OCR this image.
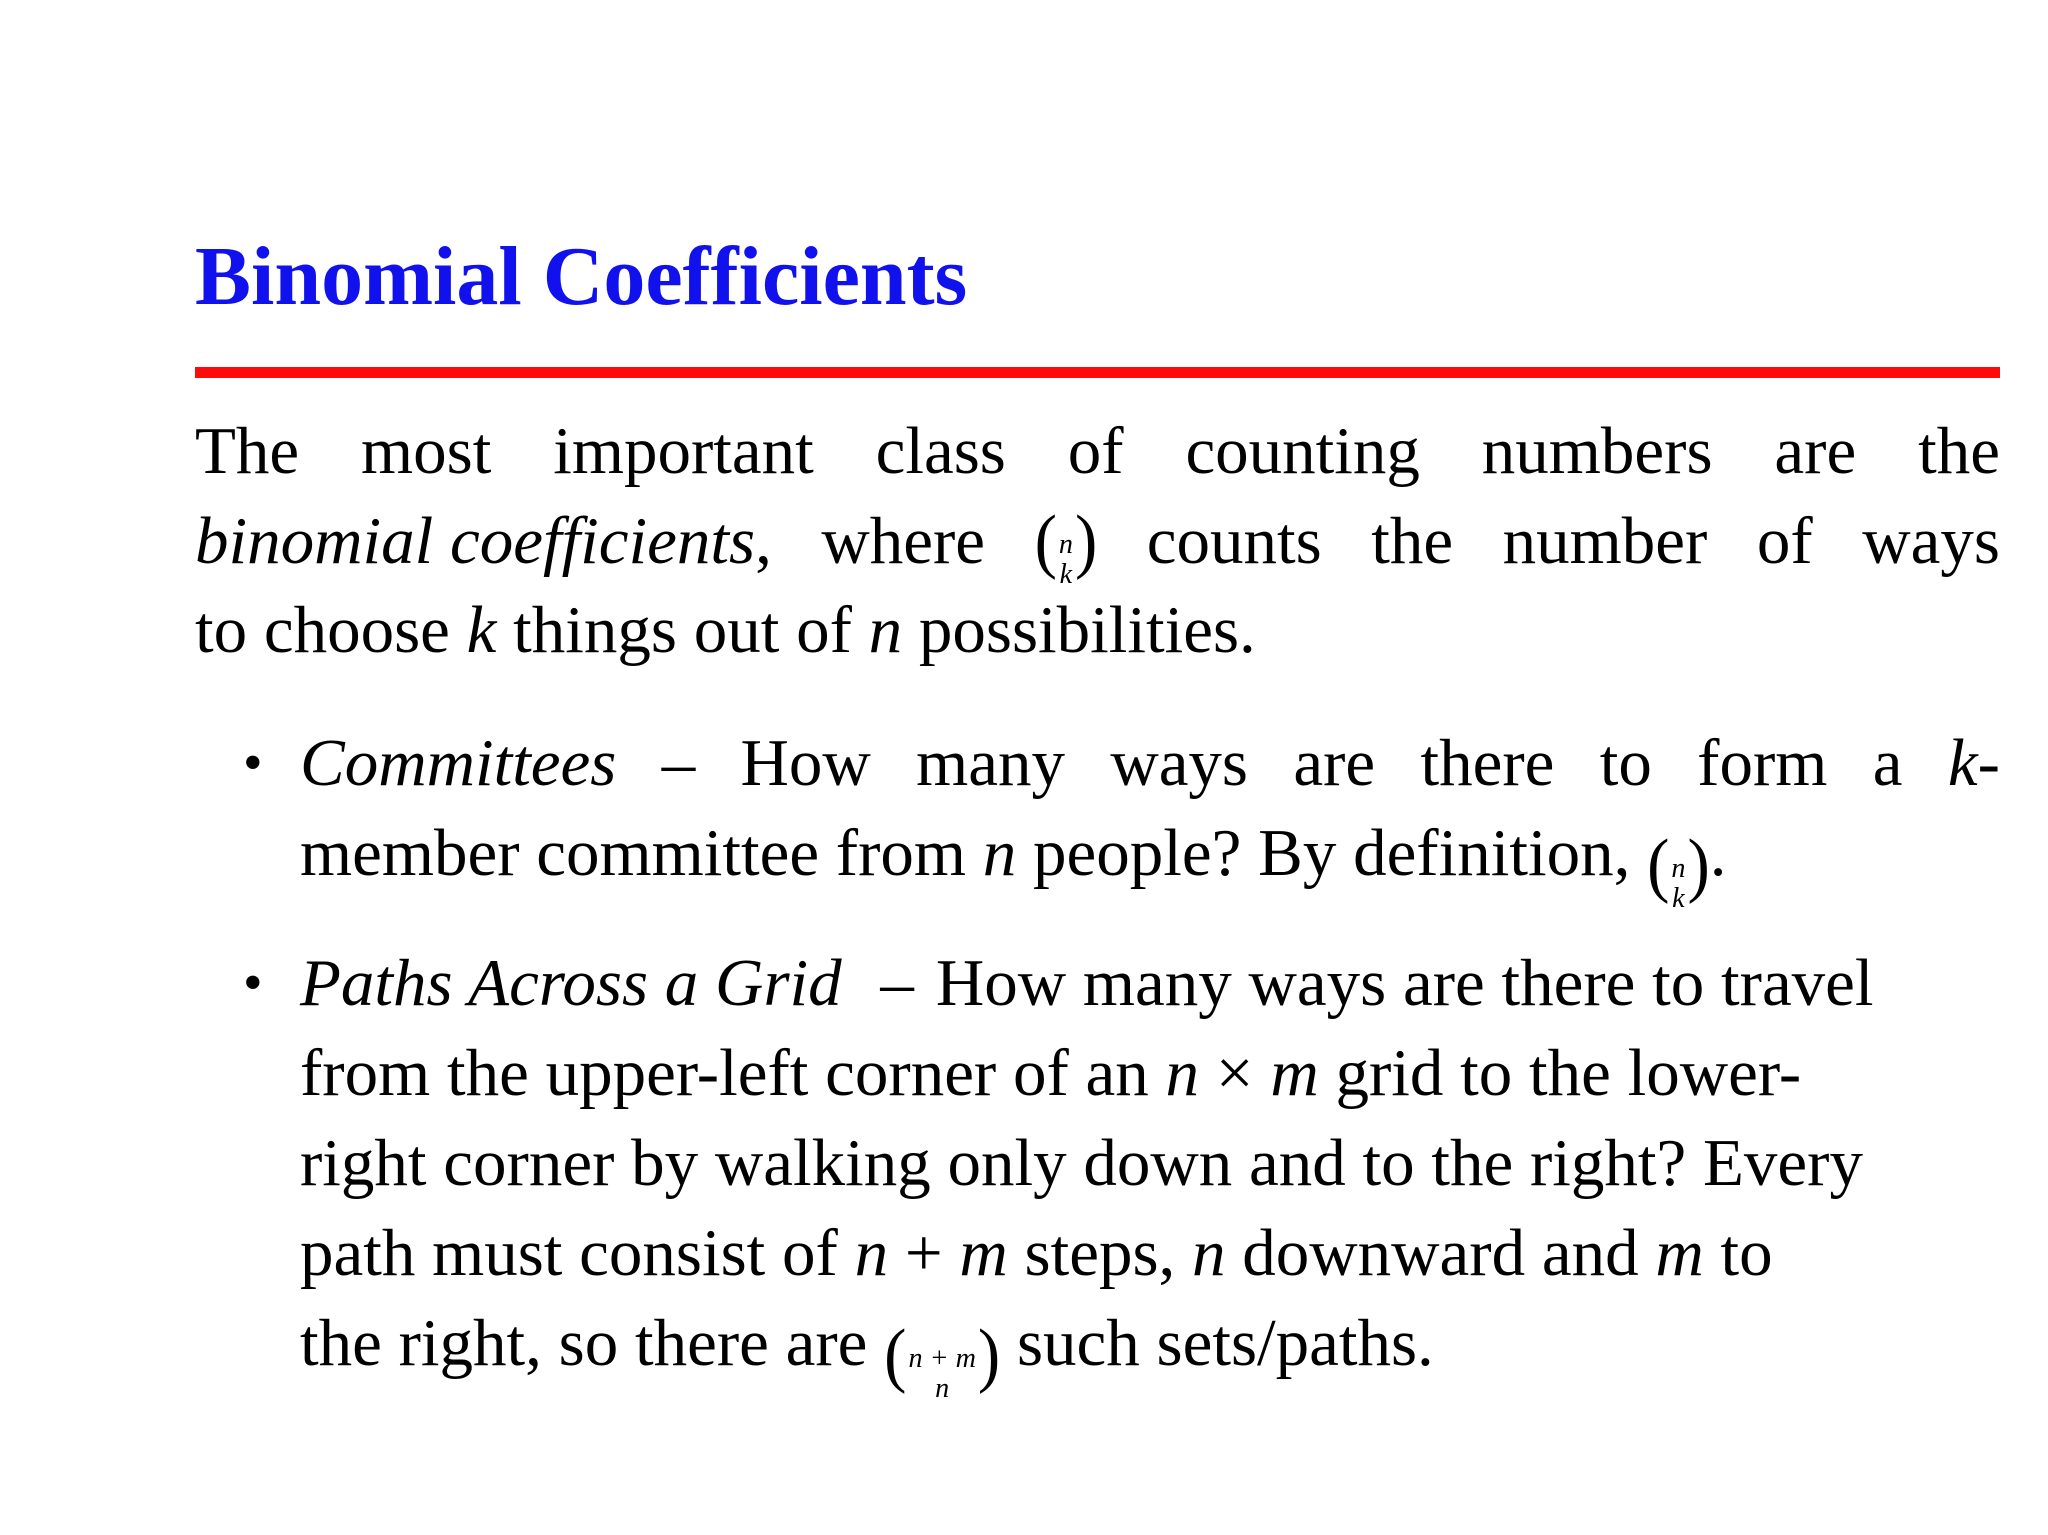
Binomial Coefficients
The most important class of counting numbers are the
binomial coefficients, where ( n
k ) counts the number of ways
to choose k things out of n possibilities.
• Committees – How many ways are there to form a k-
member committee from n people? By definition, ( n
k ).
• Paths Across a Grid – How many ways are there to travel
from the upper-left corner of an n × m grid to the lower-
right corner by walking only down and to the right? Every
path must consist of n + m steps, n downward and m to
the right, so there are ( n + m
n ) such sets/paths.
